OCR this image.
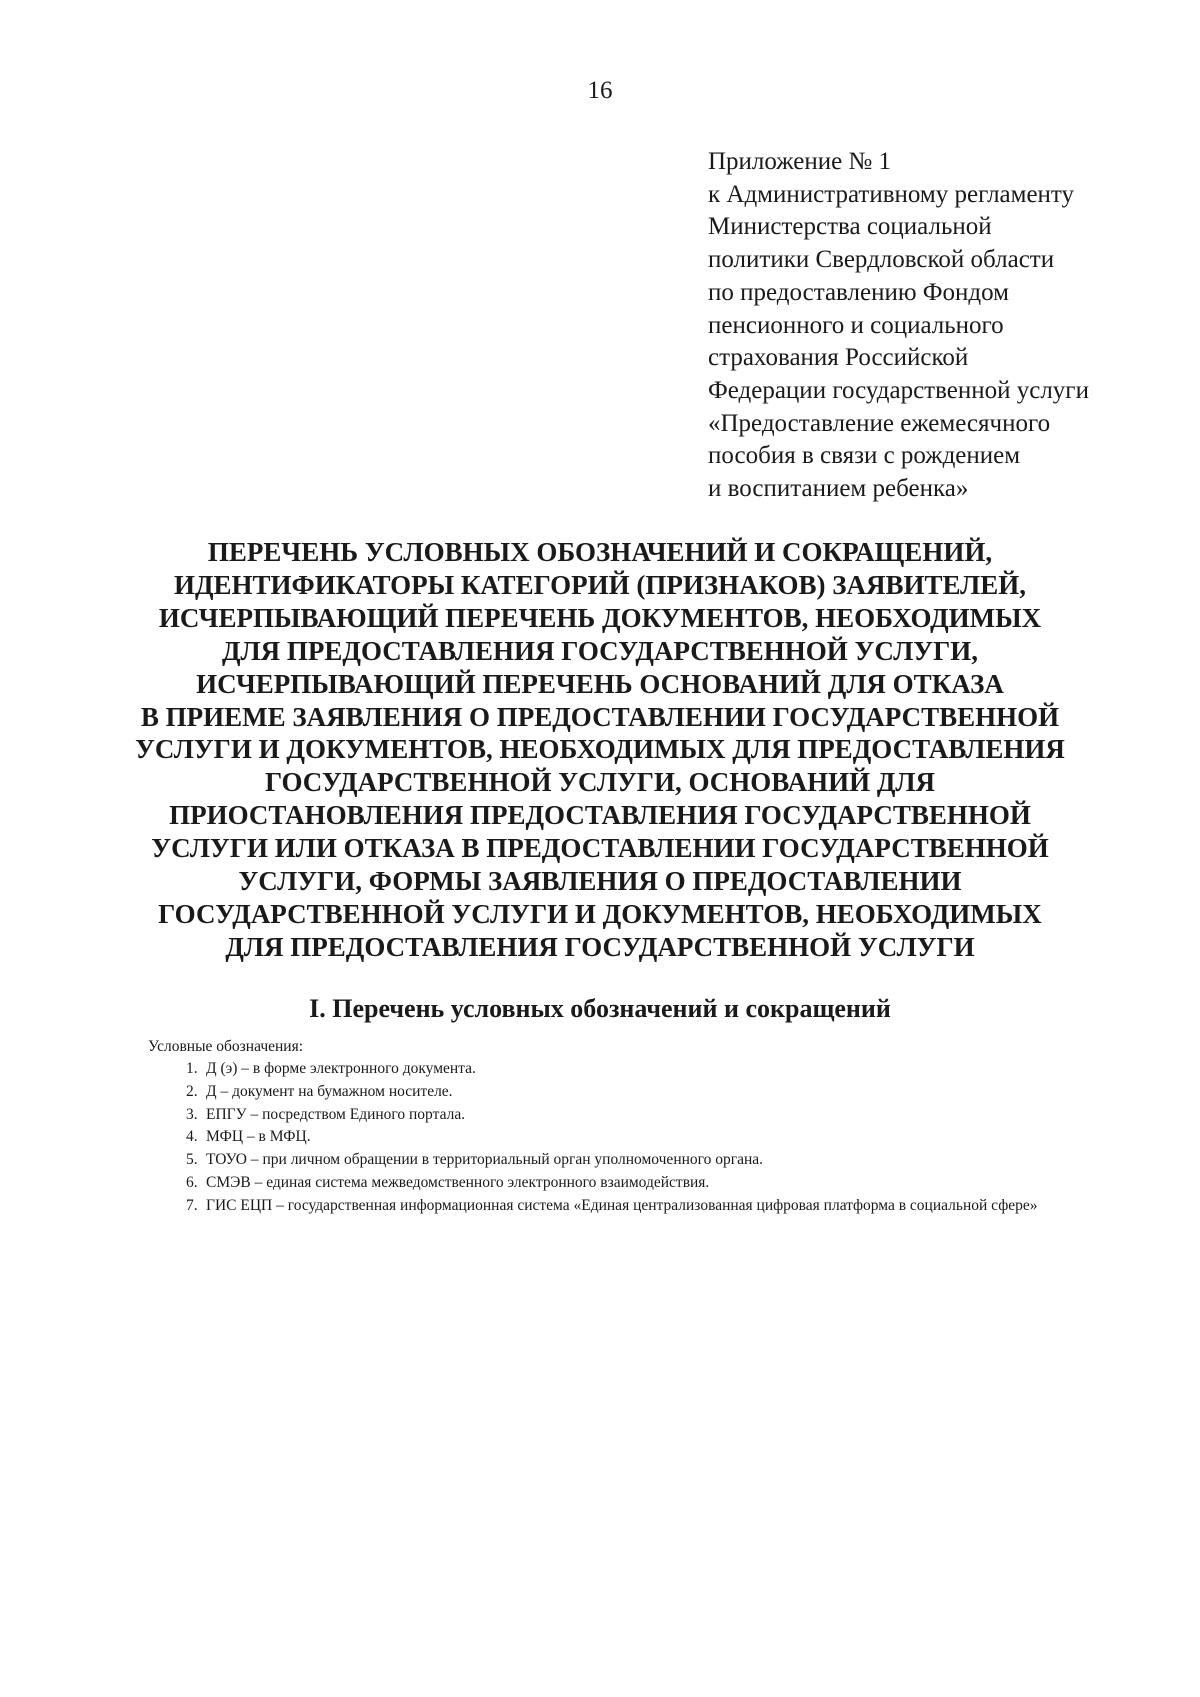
16
Приложение № 1
к Административному регламенту
Министерства социальной
политики Свердловской области
по предоставлению Фондом
пенсионного и социального
страхования Российской
Федерации государственной услуги
«Предоставление ежемесячного
пособия в связи с рождением
и воспитанием ребенка»
ПЕРЕЧЕНЬ УСЛОВНЫХ ОБОЗНАЧЕНИЙ И СОКРАЩЕНИЙ,
ИДЕНТИФИКАТОРЫ КАТЕГОРИЙ (ПРИЗНАКОВ) ЗАЯВИТЕЛЕЙ,
ИСЧЕРПЫВАЮЩИЙ ПЕРЕЧЕНЬ ДОКУМЕНТОВ, НЕОБХОДИМЫХ
ДЛЯ ПРЕДОСТАВЛЕНИЯ ГОСУДАРСТВЕННОЙ УСЛУГИ,
ИСЧЕРПЫВАЮЩИЙ ПЕРЕЧЕНЬ ОСНОВАНИЙ ДЛЯ ОТКАЗА
В ПРИЕМЕ ЗАЯВЛЕНИЯ О ПРЕДОСТАВЛЕНИИ ГОСУДАРСТВЕННОЙ
УСЛУГИ И ДОКУМЕНТОВ, НЕОБХОДИМЫХ ДЛЯ ПРЕДОСТАВЛЕНИЯ
ГОСУДАРСТВЕННОЙ УСЛУГИ, ОСНОВАНИЙ ДЛЯ
ПРИОСТАНОВЛЕНИЯ ПРЕДОСТАВЛЕНИЯ ГОСУДАРСТВЕННОЙ
УСЛУГИ ИЛИ ОТКАЗА В ПРЕДОСТАВЛЕНИИ ГОСУДАРСТВЕННОЙ
УСЛУГИ, ФОРМЫ ЗАЯВЛЕНИЯ О ПРЕДОСТАВЛЕНИИ
ГОСУДАРСТВЕННОЙ УСЛУГИ И ДОКУМЕНТОВ, НЕОБХОДИМЫХ
ДЛЯ ПРЕДОСТАВЛЕНИЯ ГОСУДАРСТВЕННОЙ УСЛУГИ
I. Перечень условных обозначений и сокращений
Условные обозначения:
1. Д (э) – в форме электронного документа.
2. Д – документ на бумажном носителе.
3. ЕПГУ – посредством Единого портала.
4. МФЦ – в МФЦ.
5. ТОУО – при личном обращении в территориальный орган уполномоченного органа.
6. СМЭВ – единая система межведомственного электронного взаимодействия.
7. ГИС ЕЦП – государственная информационная система «Единая централизованная цифровая платформа в социальной сфере»
